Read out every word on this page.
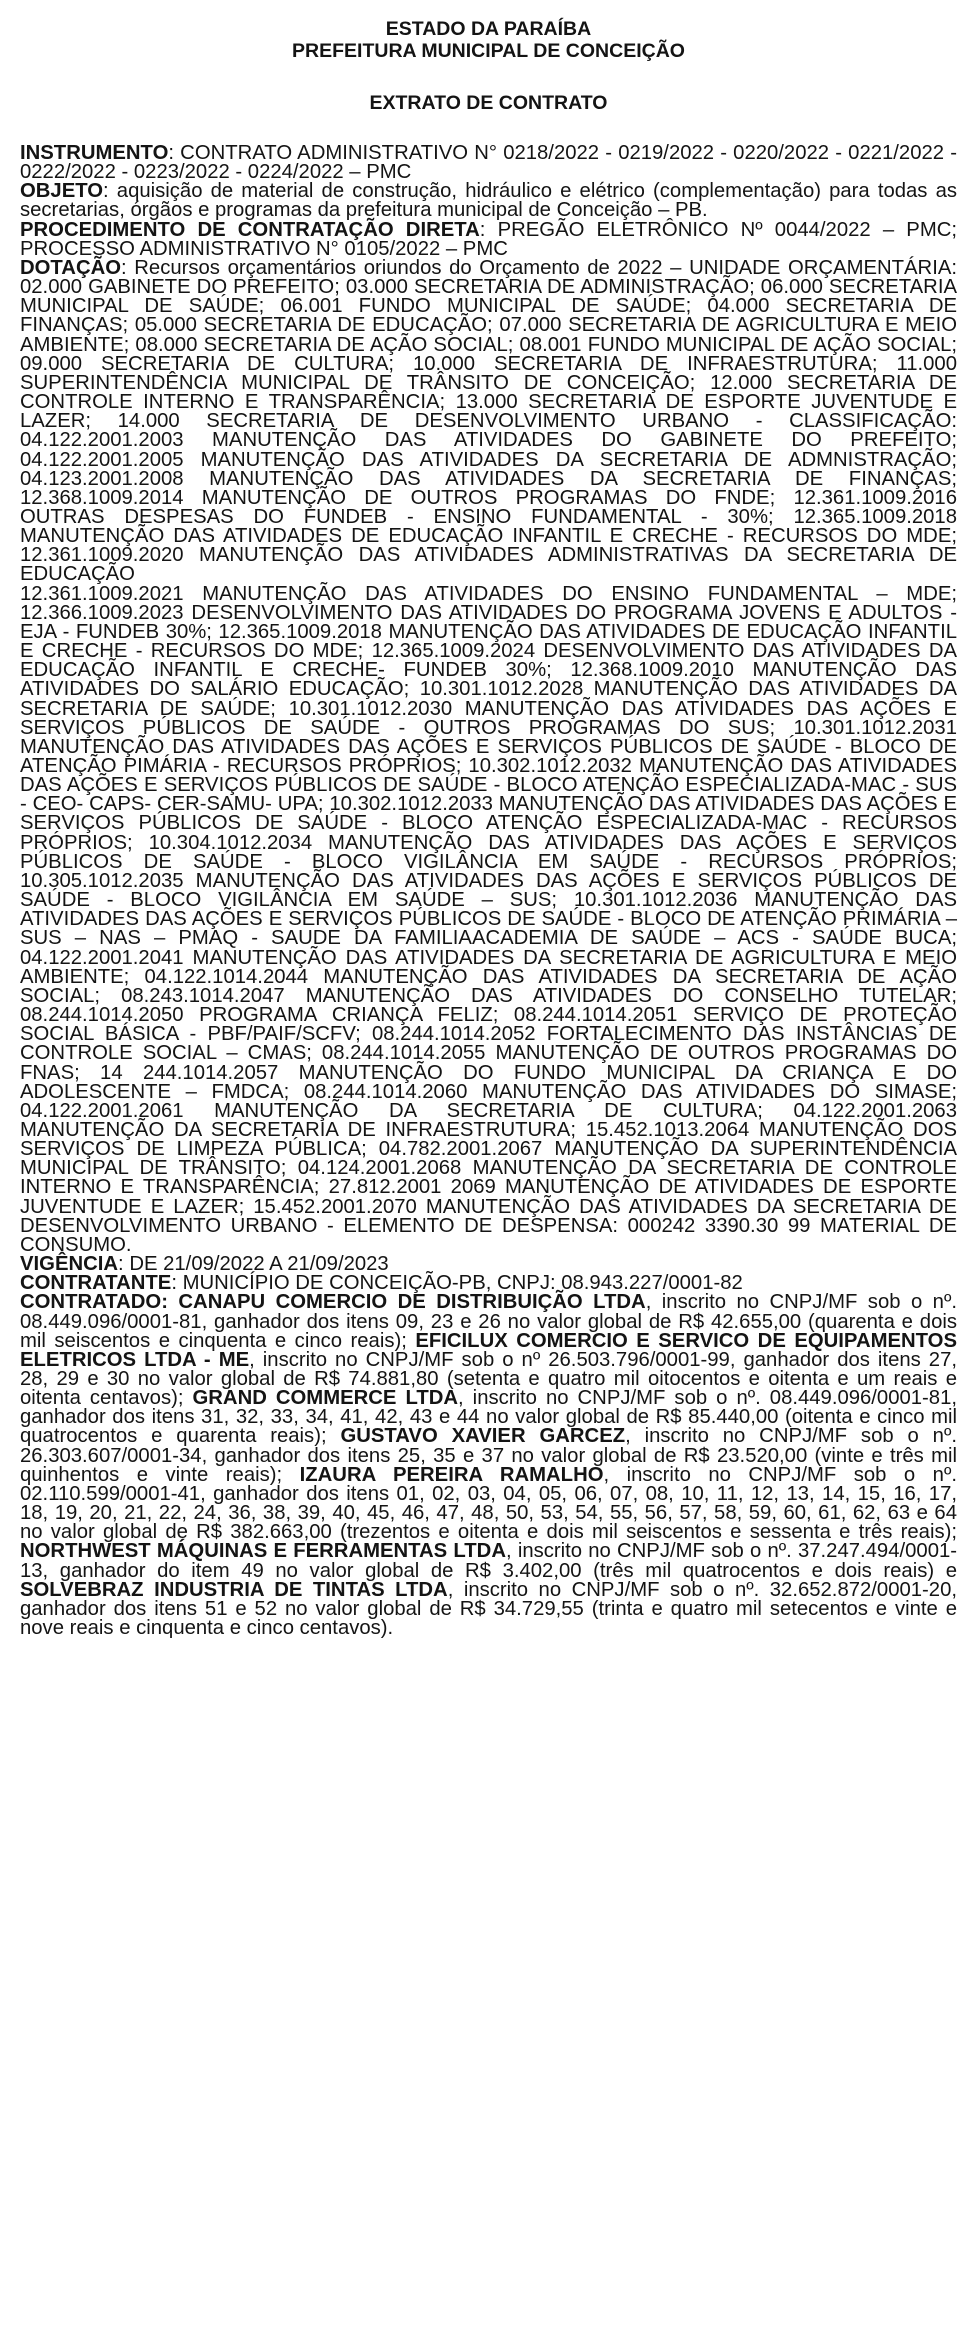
ESTADO DA PARAÍBA
PREFEITURA MUNICIPAL DE CONCEIÇÃO
EXTRATO DE CONTRATO

INSTRUMENTO: CONTRATO ADMINISTRATIVO N° 0218/2022 - 0219/2022 - 0220/2022 - 0221/2022 - 0222/2022 - 0223/2022 - 0224/2022 – PMC

OBJETO: aquisição de material de construção, hidráulico e elétrico (complementação) para todas as secretarias, órgãos e programas da prefeitura municipal de Conceição – PB.

PROCEDIMENTO DE CONTRATAÇÃO DIRETA: PREGÃO ELETRÔNICO Nº 0044/2022 – PMC; PROCESSO ADMINISTRATIVO N° 0105/2022 – PMC

DOTAÇÃO: Recursos orçamentários oriundos do Orçamento de 2022 – UNIDADE ORÇAMENTÁRIA: 02.000 GABINETE DO PREFEITO; 03.000 SECRETARIA DE ADMINISTRAÇÃO; 06.000 SECRETARIA MUNICIPAL DE SAÚDE; 06.001 FUNDO MUNICIPAL DE SAÚDE; 04.000 SECRETARIA DE FINANÇAS; 05.000 SECRETARIA DE EDUCAÇÃO; 07.000 SECRETARIA DE AGRICULTURA E MEIO AMBIENTE; 08.000 SECRETARIA DE AÇÃO SOCIAL; 08.001 FUNDO MUNICIPAL DE AÇÃO SOCIAL; 09.000 SECRETARIA DE CULTURA; 10.000 SECRETARIA DE INFRAESTRUTURA; 11.000 SUPERINTENDÊNCIA MUNICIPAL DE TRÂNSITO DE CONCEIÇÃO; 12.000 SECRETARIA DE CONTROLE INTERNO E TRANSPARÊNCIA; 13.000 SECRETARIA DE ESPORTE JUVENTUDE E LAZER; 14.000 SECRETARIA DE DESENVOLVIMENTO URBANO - CLASSIFICAÇÃO: 04.122.2001.2003 MANUTENÇÃO DAS ATIVIDADES DO GABINETE DO PREFEITO; 04.122.2001.2005 MANUTENÇÃO DAS ATIVIDADES DA SECRETARIA DE ADMNISTRAÇÃO; 04.123.2001.2008 MANUTENÇÃO DAS ATIVIDADES DA SECRETARIA DE FINANÇAS; 12.368.1009.2014 MANUTENÇÃO DE OUTROS PROGRAMAS DO FNDE; 12.361.1009.2016 OUTRAS DESPESAS DO FUNDEB - ENSINO FUNDAMENTAL - 30%; 12.365.1009.2018 MANUTENÇÃO DAS ATIVIDADES DE EDUCAÇÃO INFANTIL E CRECHE - RECURSOS DO MDE; 12.361.1009.2020 MANUTENÇÃO DAS ATIVIDADES ADMINISTRATIVAS DA SECRETARIA DE EDUCAÇÃO

12.361.1009.2021 MANUTENÇÃO DAS ATIVIDADES DO ENSINO FUNDAMENTAL – MDE; 12.366.1009.2023 DESENVOLVIMENTO DAS ATIVIDADES DO PROGRAMA JOVENS E ADULTOS - EJA - FUNDEB 30%; 12.365.1009.2018 MANUTENÇÃO DAS ATIVIDADES DE EDUCAÇÃO INFANTIL E CRECHE - RECURSOS DO MDE; 12.365.1009.2024 DESENVOLVIMENTO DAS ATIVIDADES DA EDUCAÇÃO INFANTIL E CRECHE- FUNDEB 30%; 12.368.1009.2010 MANUTENÇÃO DAS ATIVIDADES DO SALÁRIO EDUCAÇÃO; 10.301.1012.2028 MANUTENÇÃO DAS ATIVIDADES DA SECRETARIA DE SAÚDE; 10.301.1012.2030 MANUTENÇÃO DAS ATIVIDADES DAS AÇÕES E SERVIÇOS PÚBLICOS DE SAÚDE - OUTROS PROGRAMAS DO SUS; 10.301.1012.2031 MANUTENÇÃO DAS ATIVIDADES DAS AÇÕES E SERVIÇOS PÚBLICOS DE SAÚDE - BLOCO DE ATENÇÃO PIMÁRIA - RECURSOS PRÓPRIOS; 10.302.1012.2032 MANUTENÇÃO DAS ATIVIDADES DAS AÇÕES E SERVIÇOS PÚBLICOS DE SAÚDE - BLOCO ATENÇÃO ESPECIALIZADA-MAC - SUS - CEO- CAPS- CER-SAMU- UPA; 10.302.1012.2033 MANUTENÇÃO DAS ATIVIDADES DAS AÇÕES E SERVIÇOS PÚBLICOS DE SAÚDE - BLOCO ATENÇÃO ESPECIALIZADA-MAC - RECURSOS PRÓPRIOS; 10.304.1012.2034 MANUTENÇÃO DAS ATIVIDADES DAS AÇÕES E SERVIÇOS PÚBLICOS DE SAÚDE - BLOCO VIGILÂNCIA EM SAÚDE - RECURSOS PRÓPRIOS; 10.305.1012.2035 MANUTENÇÃO DAS ATIVIDADES DAS AÇÕES E SERVIÇOS PÚBLICOS DE SAÚDE - BLOCO VIGILÂNCIA EM SAÚDE – SUS; 10.301.1012.2036 MANUTENÇÃO DAS ATIVIDADES DAS AÇÕES E SERVIÇOS PÚBLICOS DE SAÚDE - BLOCO DE ATENÇÃO PRIMÁRIA – SUS – NAS – PMAQ - SAUDE DA FAMILIAACADEMIA DE SAÚDE – ACS - SAÚDE BUCA; 04.122.2001.2041 MANUTENÇÃO DAS ATIVIDADES DA SECRETARIA DE AGRICULTURA E MEIO AMBIENTE; 04.122.1014.2044 MANUTENÇÃO DAS ATIVIDADES DA SECRETARIA DE AÇÃO SOCIAL; 08.243.1014.2047 MANUTENÇÃO DAS ATIVIDADES DO CONSELHO TUTELAR; 08.244.1014.2050 PROGRAMA CRIANÇA FELIZ; 08.244.1014.2051 SERVIÇO DE PROTEÇÃO SOCIAL BÁSICA - PBF/PAIF/SCFV; 08.244.1014.2052 FORTALECIMENTO DAS INSTÂNCIAS DE CONTROLE SOCIAL – CMAS; 08.244.1014.2055 MANUTENÇÃO DE OUTROS PROGRAMAS DO FNAS; 14 244.1014.2057 MANUTENÇÃO DO FUNDO MUNICIPAL DA CRIANÇA E DO ADOLESCENTE – FMDCA; 08.244.1014.2060 MANUTENÇÃO DAS ATIVIDADES DO SIMASE; 04.122.2001.2061 MANUTENÇÃO DA SECRETARIA DE CULTURA; 04.122.2001.2063 MANUTENÇÃO DA SECRETARIA DE INFRAESTRUTURA; 15.452.1013.2064 MANUTENÇÃO DOS SERVIÇOS DE LIMPEZA PÚBLICA; 04.782.2001.2067 MANUTENÇÃO DA SUPERINTENDÊNCIA MUNICIPAL DE TRÂNSITO; 04.124.2001.2068 MANUTENÇÃO DA SECRETARIA DE CONTROLE INTERNO E TRANSPARÊNCIA; 27.812.2001 2069 MANUTENÇÃO DE ATIVIDADES DE ESPORTE JUVENTUDE E LAZER; 15.452.2001.2070 MANUTENÇÃO DAS ATIVIDADES DA SECRETARIA DE DESENVOLVIMENTO URBANO - ELEMENTO DE DESPENSA: 000242 3390.30 99 MATERIAL DE CONSUMO.

VIGÊNCIA: DE 21/09/2022 A 21/09/2023

CONTRATANTE: MUNICÍPIO DE CONCEIÇÃO-PB, CNPJ: 08.943.227/0001-82

CONTRATADO: CANAPU COMERCIO DE DISTRIBUIÇÃO LTDA, inscrito no CNPJ/MF sob o nº. 08.449.096/0001-81, ganhador dos itens 09, 23 e 26 no valor global de R$ 42.655,00 (quarenta e dois mil seiscentos e cinquenta e cinco reais); EFICILUX COMERCIO E SERVICO DE EQUIPAMENTOS ELETRICOS LTDA - ME, inscrito no CNPJ/MF sob o nº 26.503.796/0001-99, ganhador dos itens 27, 28, 29 e 30 no valor global de R$ 74.881,80 (setenta e quatro mil oitocentos e oitenta e um reais e oitenta centavos); GRAND COMMERCE LTDA, inscrito no CNPJ/MF sob o nº. 08.449.096/0001-81, ganhador dos itens 31, 32, 33, 34, 41, 42, 43 e 44 no valor global de R$ 85.440,00 (oitenta e cinco mil quatrocentos e quarenta reais); GUSTAVO XAVIER GARCEZ, inscrito no CNPJ/MF sob o nº. 26.303.607/0001-34, ganhador dos itens 25, 35 e 37 no valor global de R$ 23.520,00 (vinte e três mil quinhentos e vinte reais); IZAURA PEREIRA RAMALHO, inscrito no CNPJ/MF sob o nº. 02.110.599/0001-41, ganhador dos itens 01, 02, 03, 04, 05, 06, 07, 08, 10, 11, 12, 13, 14, 15, 16, 17, 18, 19, 20, 21, 22, 24, 36, 38, 39, 40, 45, 46, 47, 48, 50, 53, 54, 55, 56, 57, 58, 59, 60, 61, 62, 63 e 64 no valor global de R$ 382.663,00 (trezentos e oitenta e dois mil seiscentos e sessenta e três reais); NORTHWEST MÁQUINAS E FERRAMENTAS LTDA, inscrito no CNPJ/MF sob o nº. 37.247.494/0001-13, ganhador do item 49 no valor global de R$ 3.402,00 (três mil quatrocentos e dois reais) e SOLVEBRAZ INDUSTRIA DE TINTAS LTDA, inscrito no CNPJ/MF sob o nº. 32.652.872/0001-20, ganhador dos itens 51 e 52 no valor global de R$ 34.729,55 (trinta e quatro mil setecentos e vinte e nove reais e cinquenta e cinco centavos).
